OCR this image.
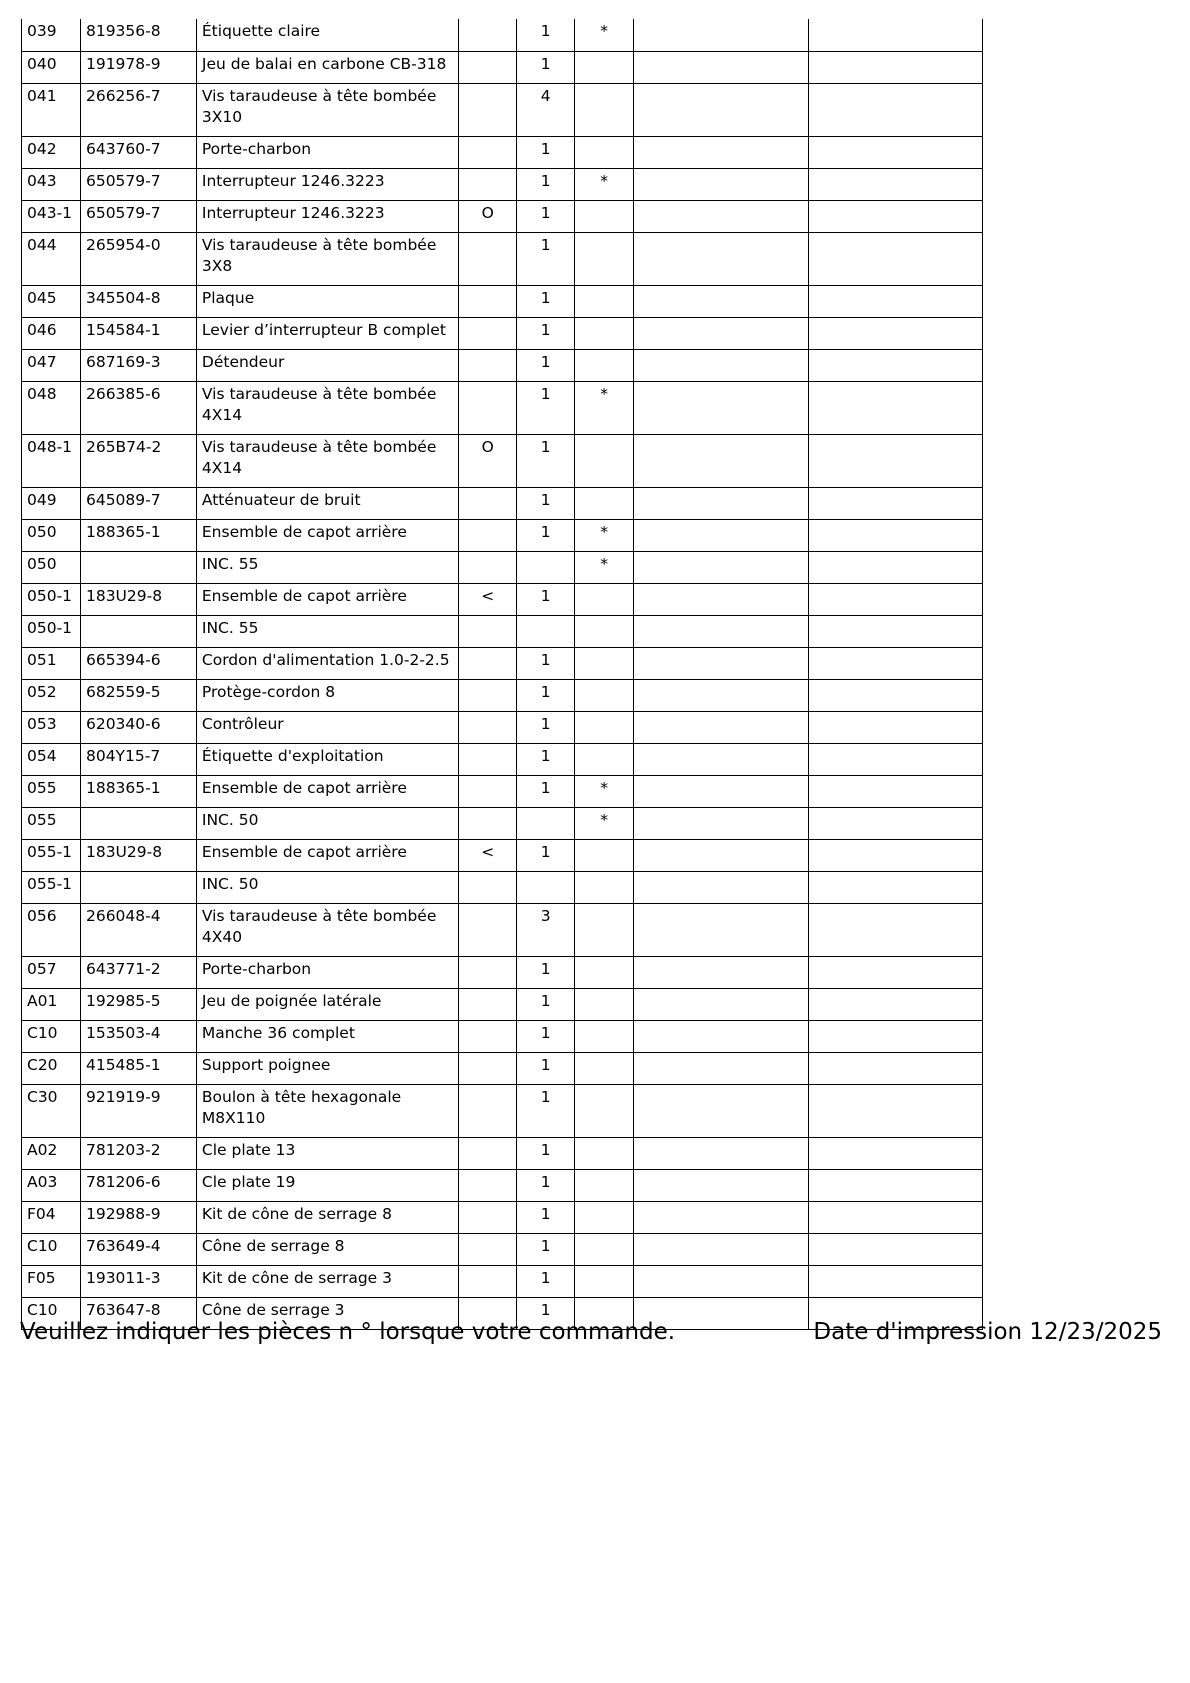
039	819356-8	Étiquette claire		1	*		
040	191978-9	Jeu de balai en carbone CB-318		1			
041	266256-7	Vis taraudeuse à tête bombée 3X10		4			
042	643760-7	Porte-charbon		1			
043	650579-7	Interrupteur 1246.3223		1	*		
043-1	650579-7	Interrupteur 1246.3223	O	1			
044	265954-0	Vis taraudeuse à tête bombée 3X8		1			
045	345504-8	Plaque		1			
046	154584-1	Levier d’interrupteur B complet		1			
047	687169-3	Détendeur		1			
048	266385-6	Vis taraudeuse à tête bombée 4X14		1	*		
048-1	265B74-2	Vis taraudeuse à tête bombée 4X14	O	1			
049	645089-7	Atténuateur de bruit		1			
050	188365-1	Ensemble de capot arrière		1	*		
050		INC. 55			*		
050-1	183U29-8	Ensemble de capot arrière	<	1			
050-1		INC. 55					
051	665394-6	Cordon d'alimentation 1.0-2-2.5		1			
052	682559-5	Protège-cordon 8		1			
053	620340-6	Contrôleur		1			
054	804Y15-7	Étiquette d'exploitation		1			
055	188365-1	Ensemble de capot arrière		1	*		
055		INC. 50			*		
055-1	183U29-8	Ensemble de capot arrière	<	1			
055-1		INC. 50					
056	266048-4	Vis taraudeuse à tête bombée 4X40		3			
057	643771-2	Porte-charbon		1			
A01	192985-5	Jeu de poignée latérale		1			
C10	153503-4	Manche 36 complet		1			
C20	415485-1	Support poignee		1			
C30	921919-9	Boulon à tête hexagonale M8X110		1			
A02	781203-2	Cle plate 13		1			
A03	781206-6	Cle plate 19		1			
F04	192988-9	Kit de cône de serrage 8		1			
C10	763649-4	Cône de serrage 8		1			
F05	193011-3	Kit de cône de serrage 3		1			
C10	763647-8	Cône de serrage 3		1			
Veuillez indiquer les pièces n ° lorsque votre commande.	Date d'impression 12/23/2025
